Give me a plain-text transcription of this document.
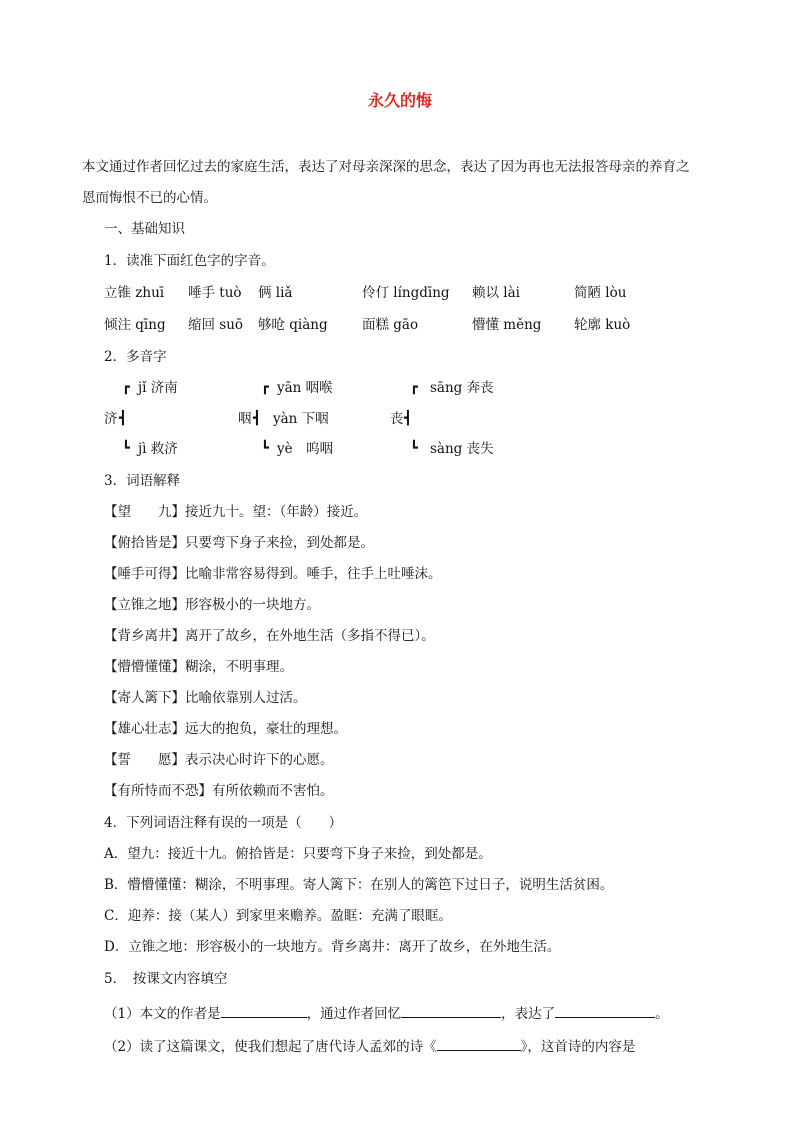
永久的悔
本文通过作者回忆过去的家庭生活，表达了对母亲深深的思念，表达了因为再也无法报答母亲的养育之
恩而悔恨不已的心情。
一、基础知识
1．读准下面红色字的字音。
立锥 zhuī 唾手 tuò 俩 liǎ	伶仃 língdīng 赖以 lài	简陋 lòu
倾注 qīng 缩回 suō 够呛 qiàng	面糕 gāo	懵懂 měng 轮廓 kuò
2．多音字
┏ jǐ 济南
济 ┫
┗ jì 救济
┏ yān 咽喉
咽 ┫ yàn 下咽
┗ yè　呜咽
┏ sāng 奔丧
丧 ┫
┗ sàng 丧失
3．词语解释
【望　　九】接近九十。望：（年龄）接近。
【俯拾皆是】只要弯下身子来捡，到处都是。
【唾手可得】比喻非常容易得到。唾手，往手上吐唾沫。
【立锥之地】形容极小的一块地方。
【背乡离井】离开了故乡，在外地生活（多指不得已）。
【懵懵懂懂】糊涂，不明事理。
【寄人篱下】比喻依靠别人过活。
【雄心壮志】远大的抱负，豪壮的理想。
【誓　　愿】表示决心时许下的心愿。
【有所恃而不恐】有所依赖而不害怕。
4．下列词语注释有误的一项是（　　）
A．望九：接近十九。俯拾皆是：只要弯下身子来捡，到处都是。
B．懵懵懂懂：糊涂，不明事理。寄人篱下：在别人的篱笆下过日子，说明生活贫困。
C．迎养：接（某人）到家里来赡养。盈眶：充满了眼眶。
D．立锥之地：形容极小的一块地方。背乡离井：离开了故乡，在外地生活。
5．　按课文内容填空
（1）本文的作者是	，通过作者回忆	，表达了	。
（2）读了这篇课文，使我们想起了唐代诗人孟郊的诗《	》，这首诗的内容是
